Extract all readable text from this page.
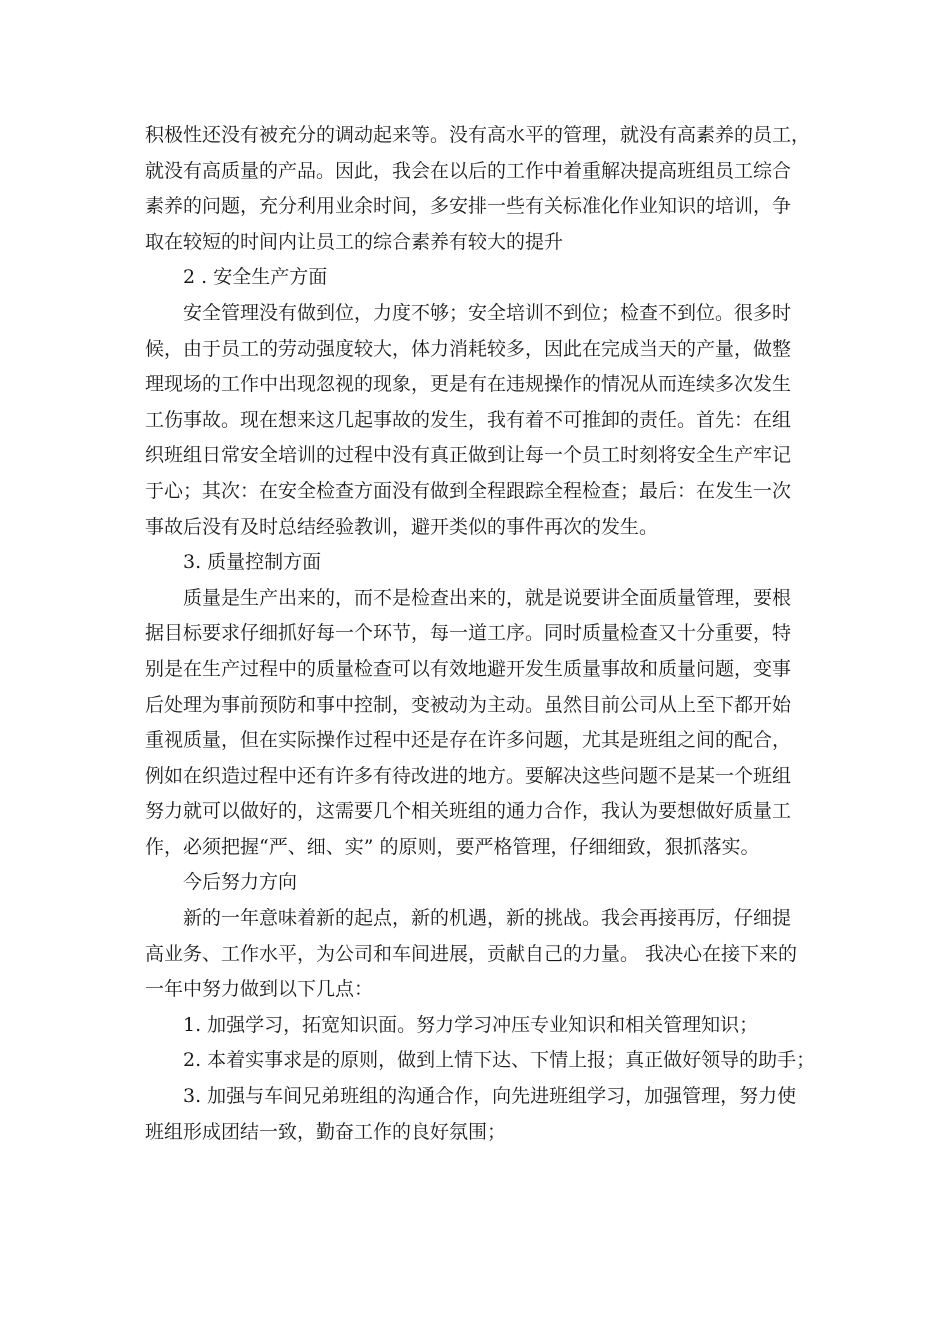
积极性还没有被充分的调动起来等。没有高水平的管理，就没有高素养的员工，
就没有高质量的产品。因此，我会在以后的工作中着重解决提高班组员工综合
素养的问题，充分利用业余时间，多安排一些有关标准化作业知识的培训，争
取在较短的时间内让员工的综合素养有较大的提升
2 . 安全生产方面
安全管理没有做到位，力度不够；安全培训不到位；检查不到位。很多时
候，由于员工的劳动强度较大，体力消耗较多，因此在完成当天的产量，做整
理现场的工作中出现忽视的现象，更是有在违规操作的情况从而连续多次发生
工伤事故。现在想来这几起事故的发生，我有着不可推卸的责任。首先：在组
织班组日常安全培训的过程中没有真正做到让每一个员工时刻将安全生产牢记
于心；其次：在安全检查方面没有做到全程跟踪全程检查；最后：在发生一次
事故后没有及时总结经验教训，避开类似的事件再次的发生。
3. 质量控制方面
质量是生产出来的，而不是检查出来的，就是说要讲全面质量管理，要根
据目标要求仔细抓好每一个环节，每一道工序。同时质量检查又十分重要，特
别是在生产过程中的质量检查可以有效地避开发生质量事故和质量问题，变事
后处理为事前预防和事中控制，变被动为主动。虽然目前公司从上至下都开始
重视质量，但在实际操作过程中还是存在许多问题，尤其是班组之间的配合，
例如在织造过程中还有许多有待改进的地方。要解决这些问题不是某一个班组
努力就可以做好的，这需要几个相关班组的通力合作，我认为要想做好质量工
作，必须把握“严、细、实” 的原则，要严格管理，仔细细致，狠抓落实。
今后努力方向
新的一年意味着新的起点，新的机遇，新的挑战。我会再接再厉，仔细提
高业务、工作水平，为公司和车间进展，贡献自己的力量。 我决心在接下来的
一年中努力做到以下几点：
1. 加强学习，拓宽知识面。努力学习冲压专业知识和相关管理知识；
2. 本着实事求是的原则，做到上情下达、下情上报；真正做好领导的助手；
3. 加强与车间兄弟班组的沟通合作，向先进班组学习，加强管理，努力使
班组形成团结一致，勤奋工作的良好氛围；
